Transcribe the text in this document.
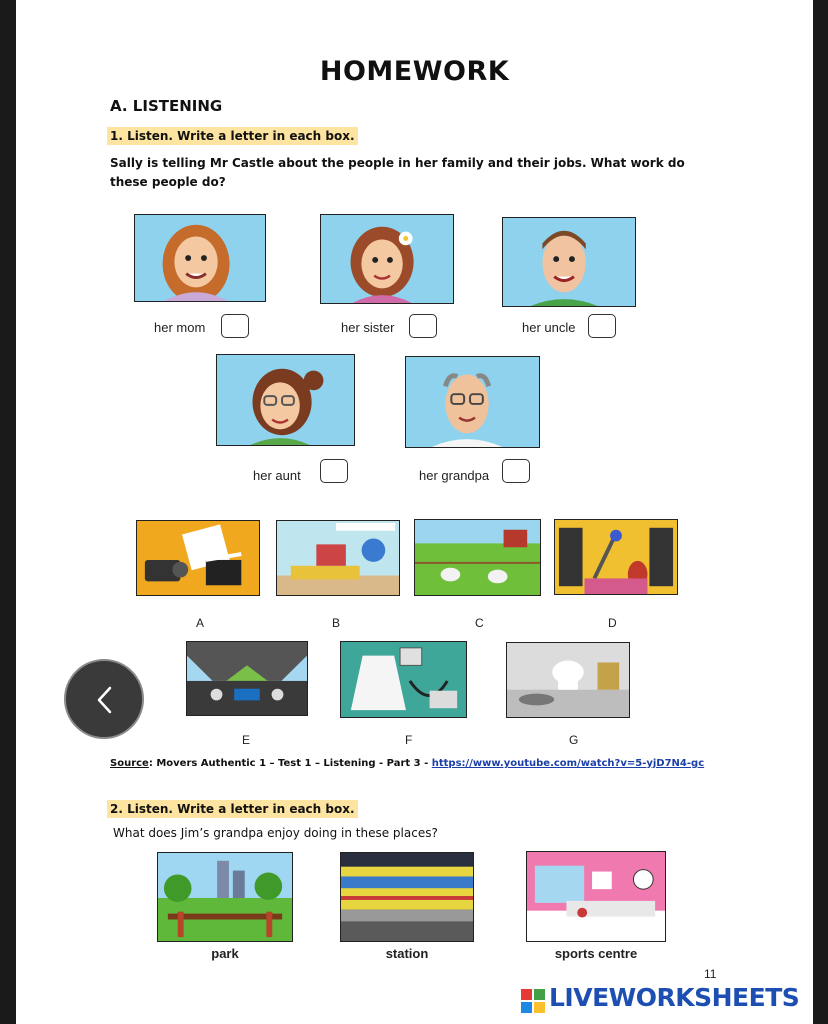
HOMEWORK
A. LISTENING
1. Listen. Write a letter in each box.
Sally is telling Mr Castle about the people in her family and their jobs. What work do these people do?
her mom	her sister	her uncle
her aunt	her grandpa
A	B	C	D
E	F	G
Source: Movers Authentic 1 – Test 1 – Listening - Part 3 - https://www.youtube.com/watch?v=5-yjD7N4-gc
2. Listen. Write a letter in each box.
What does Jim’s grandpa enjoy doing in these places?
park	station	sports centre
11
LIVEWORKSHEETS
